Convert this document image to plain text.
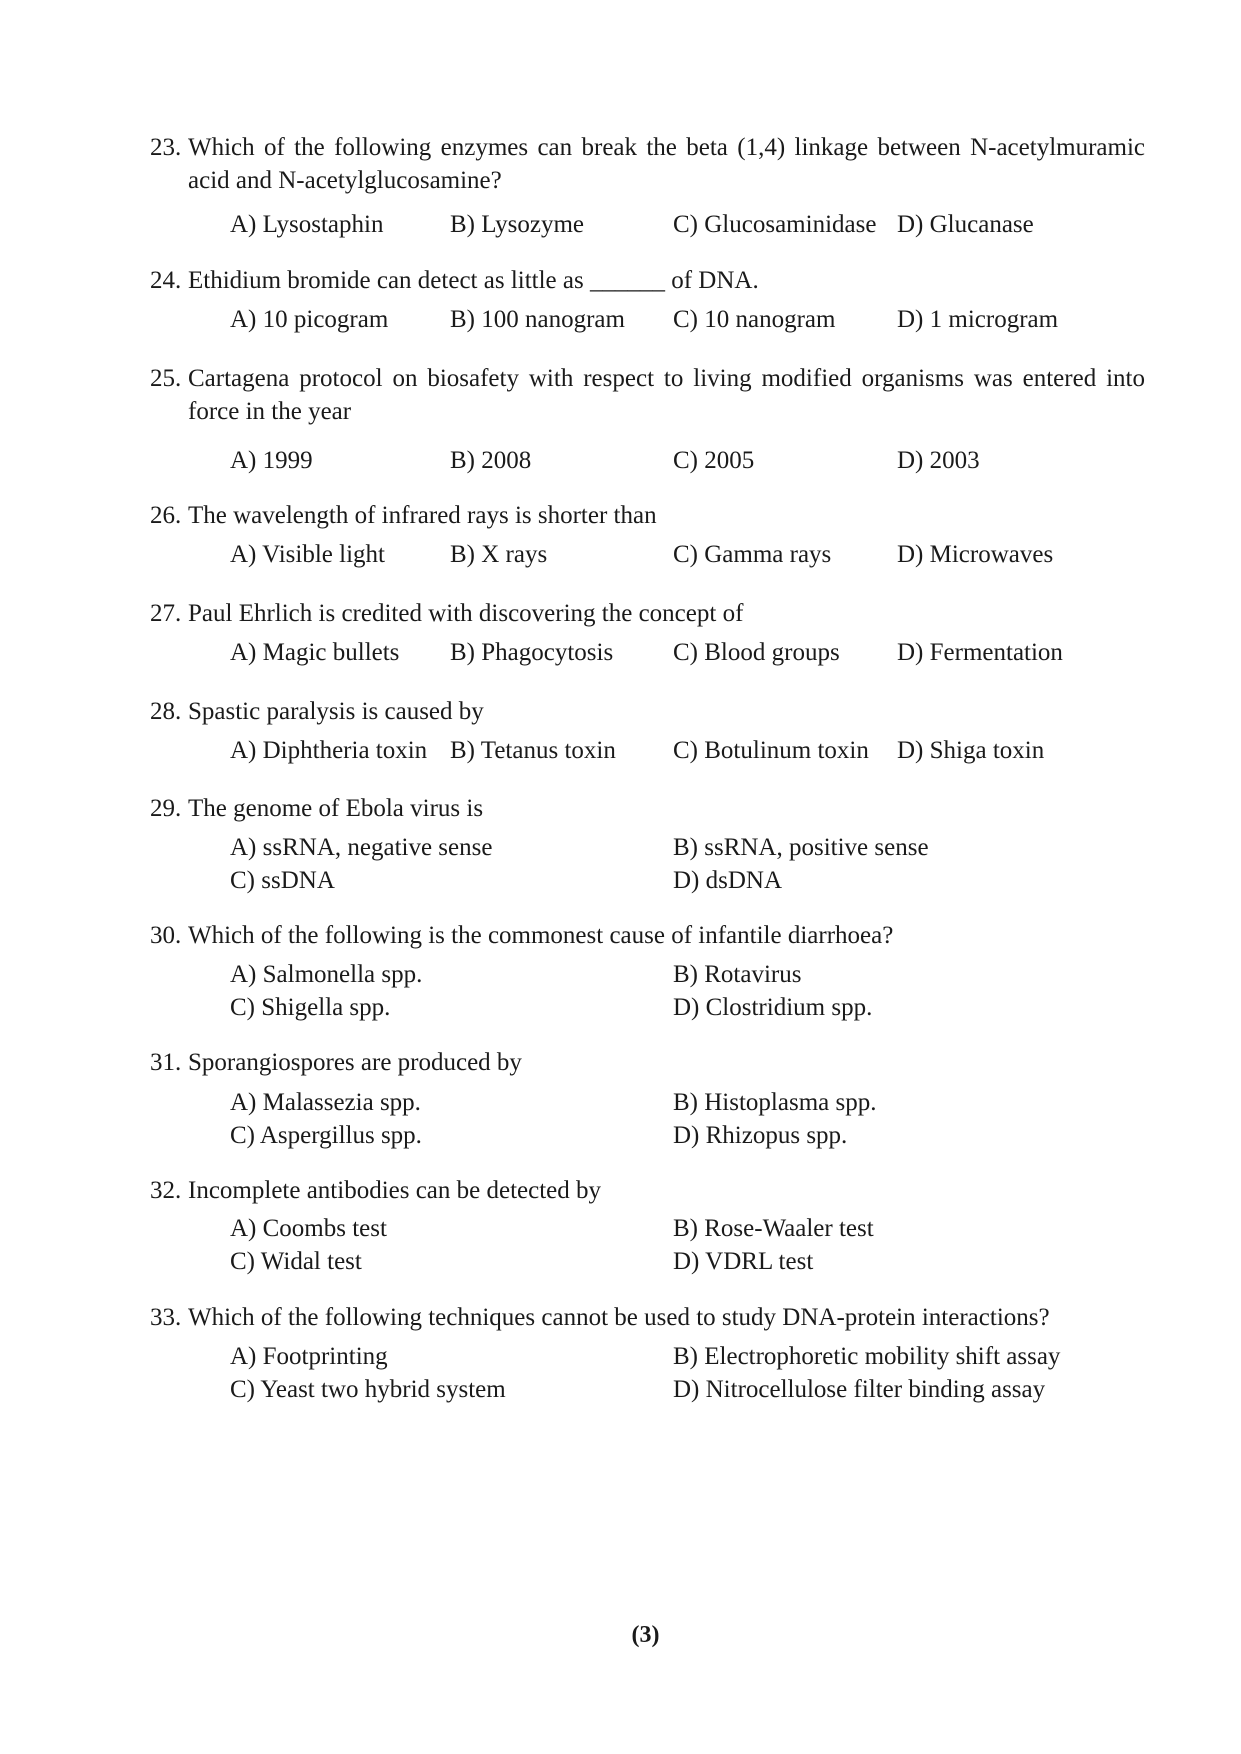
23. Which of the following enzymes can break the beta (1,4) linkage between N-acetylmuramic acid and N-acetylglucosamine?
A) Lysostaphin	B) Lysozyme	C) Glucosaminidase D) Glucanase
24. Ethidium bromide can detect as little as ______ of DNA.
A) 10 picogram B) 100 nanogram C) 10 nanogram D) 1 microgram
25. Cartagena protocol on biosafety with respect to living modified organisms was entered into force in the year
A) 1999	B) 2008	C) 2005	D) 2003
26. The wavelength of infrared rays is shorter than
A) Visible light	B) X rays	C) Gamma rays	D) Microwaves
27. Paul Ehrlich is credited with discovering the concept of
A) Magic bullets B) Phagocytosis C) Blood groups D) Fermentation
28. Spastic paralysis is caused by
A) Diphtheria toxin B) Tetanus toxin C) Botulinum toxin D) Shiga toxin
29. The genome of Ebola virus is
A) ssRNA, negative sense	B) ssRNA, positive sense
C) ssDNA	D) dsDNA
30. Which of the following is the commonest cause of infantile diarrhoea?
A) Salmonella spp.	B) Rotavirus
C) Shigella spp.	D) Clostridium spp.
31. Sporangiospores are produced by
A) Malassezia spp.	B) Histoplasma spp.
C) Aspergillus spp.	D) Rhizopus spp.
32. Incomplete antibodies can be detected by
A) Coombs test	B) Rose-Waaler test
C) Widal test	D) VDRL test
33. Which of the following techniques cannot be used to study DNA-protein interactions?
A) Footprinting	B) Electrophoretic mobility shift assay
C) Yeast two hybrid system	D) Nitrocellulose filter binding assay
(3)
